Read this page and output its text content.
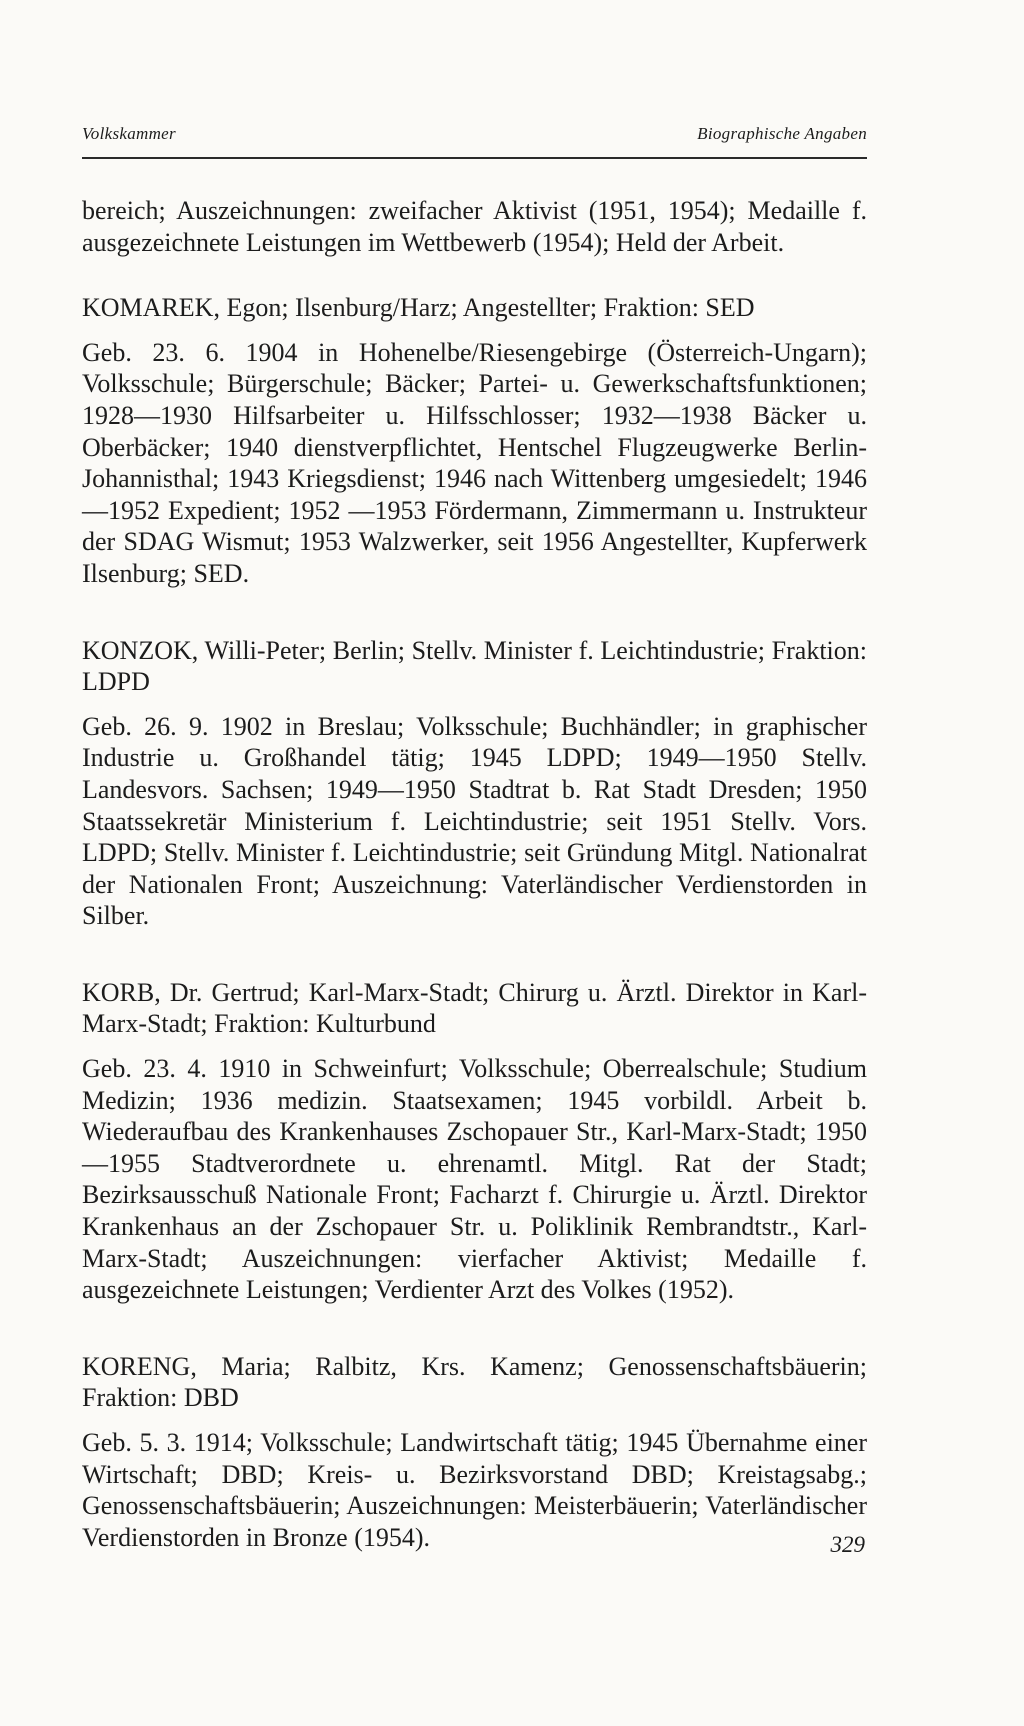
Volkskammer	Biographische Angaben

bereich; Auszeichnungen: zweifacher Aktivist (1951, 1954); Medaille f. ausgezeichnete Leistungen im Wettbewerb (1954); Held der Arbeit.

KOMAREK, Egon; Ilsenburg/Harz; Angestellter; Fraktion: SED

Geb. 23. 6. 1904 in Hohenelbe/Riesengebirge (Österreich-Ungarn); Volksschule; Bürgerschule; Bäcker; Partei- u. Gewerkschaftsfunktionen; 1928—1930 Hilfsarbeiter u. Hilfsschlosser; 1932—1938 Bäcker u. Oberbäcker; 1940 dienstverpflichtet, Hentschel Flugzeugwerke Berlin-Johannisthal; 1943 Kriegsdienst; 1946 nach Wittenberg umgesiedelt; 1946—1952 Expedient; 1952 —1953 Fördermann, Zimmermann u. Instrukteur der SDAG Wismut; 1953 Walzwerker, seit 1956 Angestellter, Kupferwerk Ilsenburg; SED.

KONZOK, Willi-Peter; Berlin; Stellv. Minister f. Leichtindustrie; Fraktion: LDPD

Geb. 26. 9. 1902 in Breslau; Volksschule; Buchhändler; in graphischer Industrie u. Großhandel tätig; 1945 LDPD; 1949—1950 Stellv. Landesvors. Sachsen; 1949—1950 Stadtrat b. Rat Stadt Dresden; 1950 Staatssekretär Ministerium f. Leichtindustrie; seit 1951 Stellv. Vors. LDPD; Stellv. Minister f. Leichtindustrie; seit Gründung Mitgl. Nationalrat der Nationalen Front; Auszeichnung: Vaterländischer Verdienstorden in Silber.

KORB, Dr. Gertrud; Karl-Marx-Stadt; Chirurg u. Ärztl. Direktor in Karl-Marx-Stadt; Fraktion: Kulturbund

Geb. 23. 4. 1910 in Schweinfurt; Volksschule; Oberrealschule; Studium Medizin; 1936 medizin. Staatsexamen; 1945 vorbildl. Arbeit b. Wiederaufbau des Krankenhauses Zschopauer Str., Karl-Marx-Stadt; 1950—1955 Stadtverordnete u. ehrenamtl. Mitgl. Rat der Stadt; Bezirksausschuß Nationale Front; Facharzt f. Chirurgie u. Ärztl. Direktor Krankenhaus an der Zschopauer Str. u. Poliklinik Rembrandtstr., Karl-Marx-Stadt; Auszeichnungen: vierfacher Aktivist; Medaille f. ausgezeichnete Leistungen; Verdienter Arzt des Volkes (1952).

KORENG, Maria; Ralbitz, Krs. Kamenz; Genossenschaftsbäuerin; Fraktion: DBD

Geb. 5. 3. 1914; Volksschule; Landwirtschaft tätig; 1945 Übernahme einer Wirtschaft; DBD; Kreis- u. Bezirksvorstand DBD; Kreistagsabg.; Genossenschaftsbäuerin; Auszeichnungen: Meisterbäuerin; Vaterländischer Verdienstorden in Bronze (1954).	329
